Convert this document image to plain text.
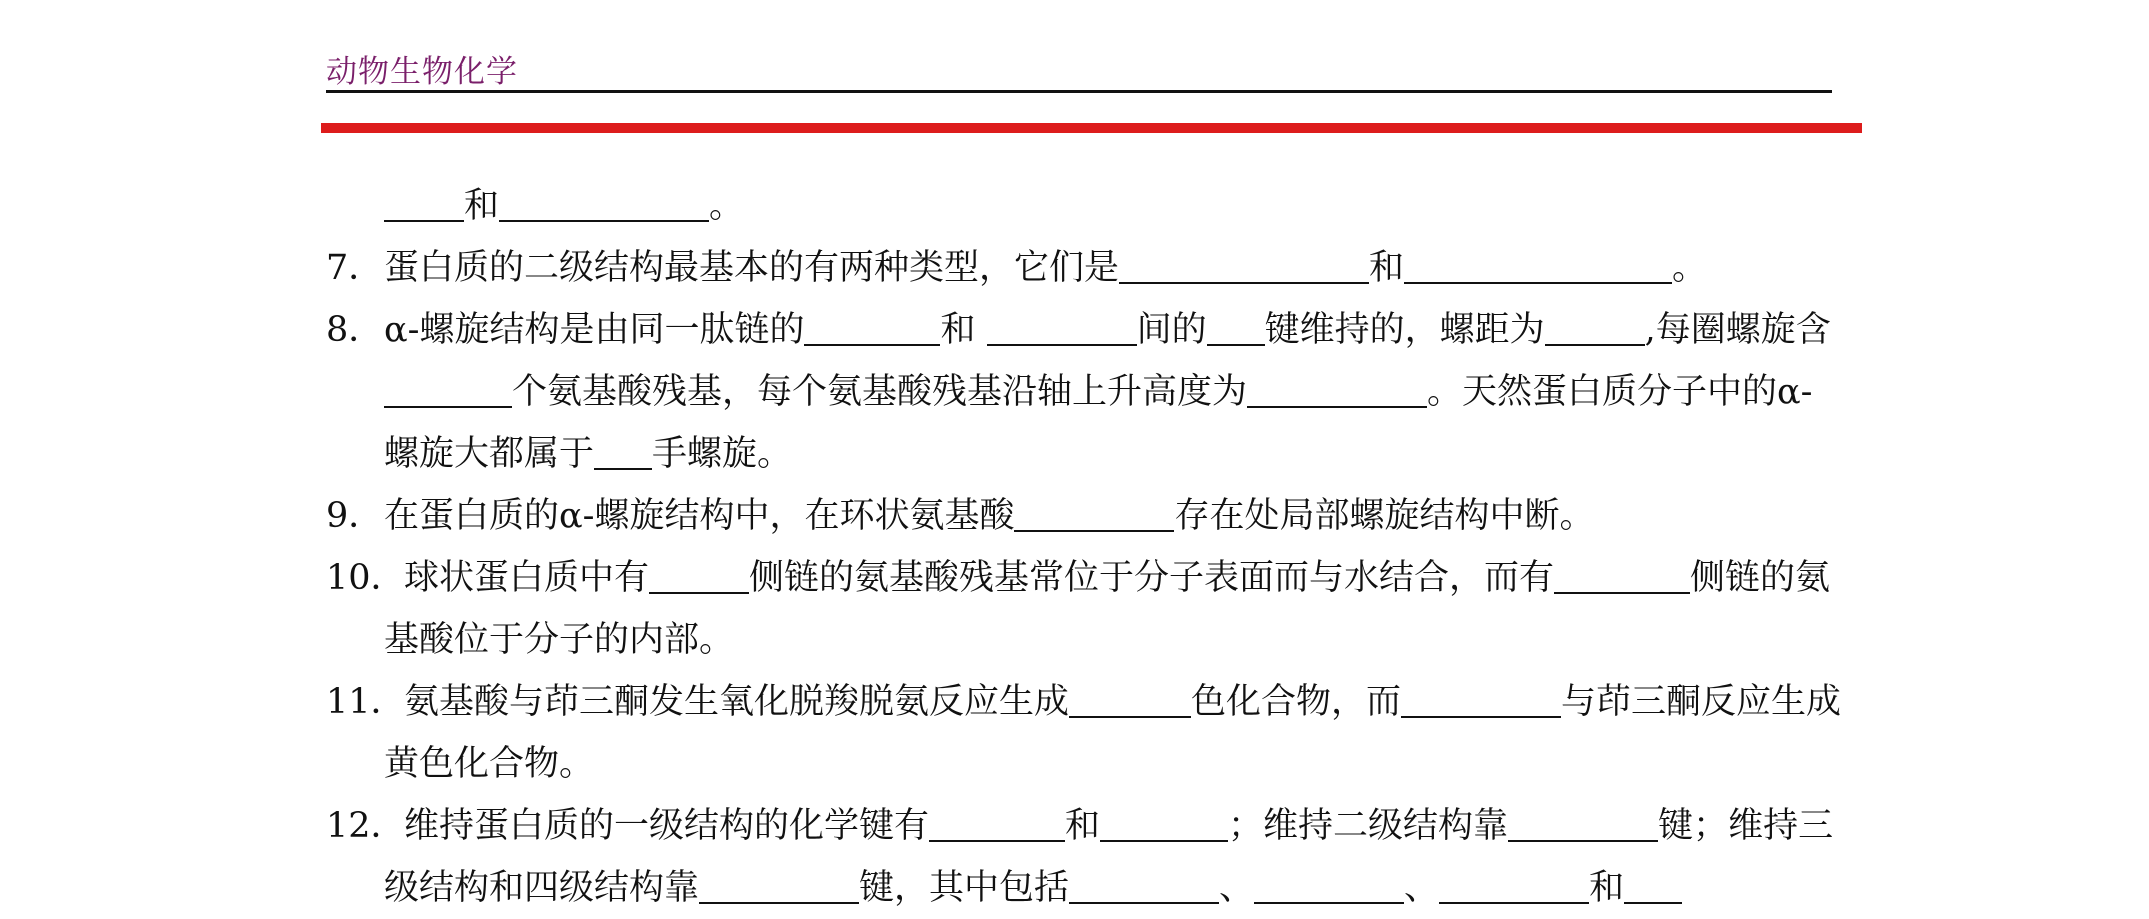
动物生物化学
和	。
7．蛋白质的二级结构最基本的有两种类型，它们是	和	。
8．α-螺旋结构是由同一肽链的	和	间的 键维持的，螺距为	,每圈螺旋含个氨基酸残基，每个氨基酸残基沿轴上升高度为	。天然蛋白质分子中的α-螺旋大都属于 手螺旋。
9．在蛋白质的α-螺旋结构中，在环状氨基酸	存在处局部螺旋结构中断。
10．球状蛋白质中有	侧链的氨基酸残基常位于分子表面而与水结合，而有	侧链的氨基酸位于分子的内部。
11．氨基酸与茚三酮发生氧化脱羧脱氨反应生成	色化合物，而	与茚三酮反应生成黄色化合物。
12．维持蛋白质的一级结构的化学键有	和	；维持二级结构靠	键；维持三级结构和四级结构靠	键，其中包括	、	、	和
